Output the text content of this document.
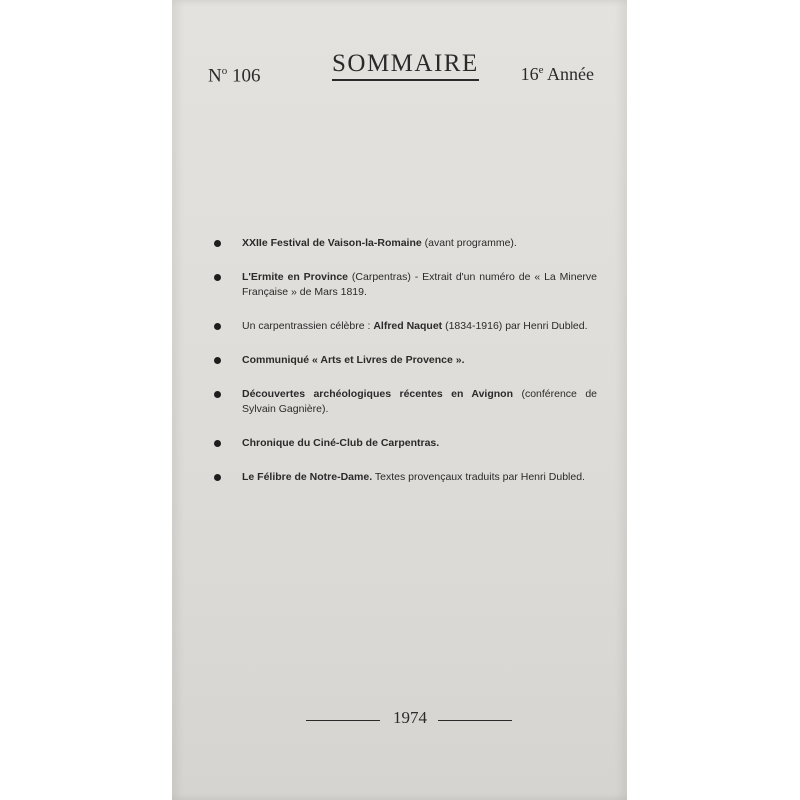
$N^o$ 106	SOMMAIRE 16e Année
XXIIe Festival de Vaison-la-Romaine (avant programme).
L'Ermite en Province (Carpentras) - Extrait d'un numéro de « La Minerve Française » de Mars 1819.
Un carpentrassien célèbre : Alfred Naquet (1834-1916) par Henri Dubled.
Communiqué « Arts et Livres de Provence ».
Découvertes archéologiques récentes en Avignon (conférence de Sylvain Gagnière).
Chronique du Ciné-Club de Carpentras.
Le Félibre de Notre-Dame. Textes provençaux traduits par Henri Dubled.
1974
